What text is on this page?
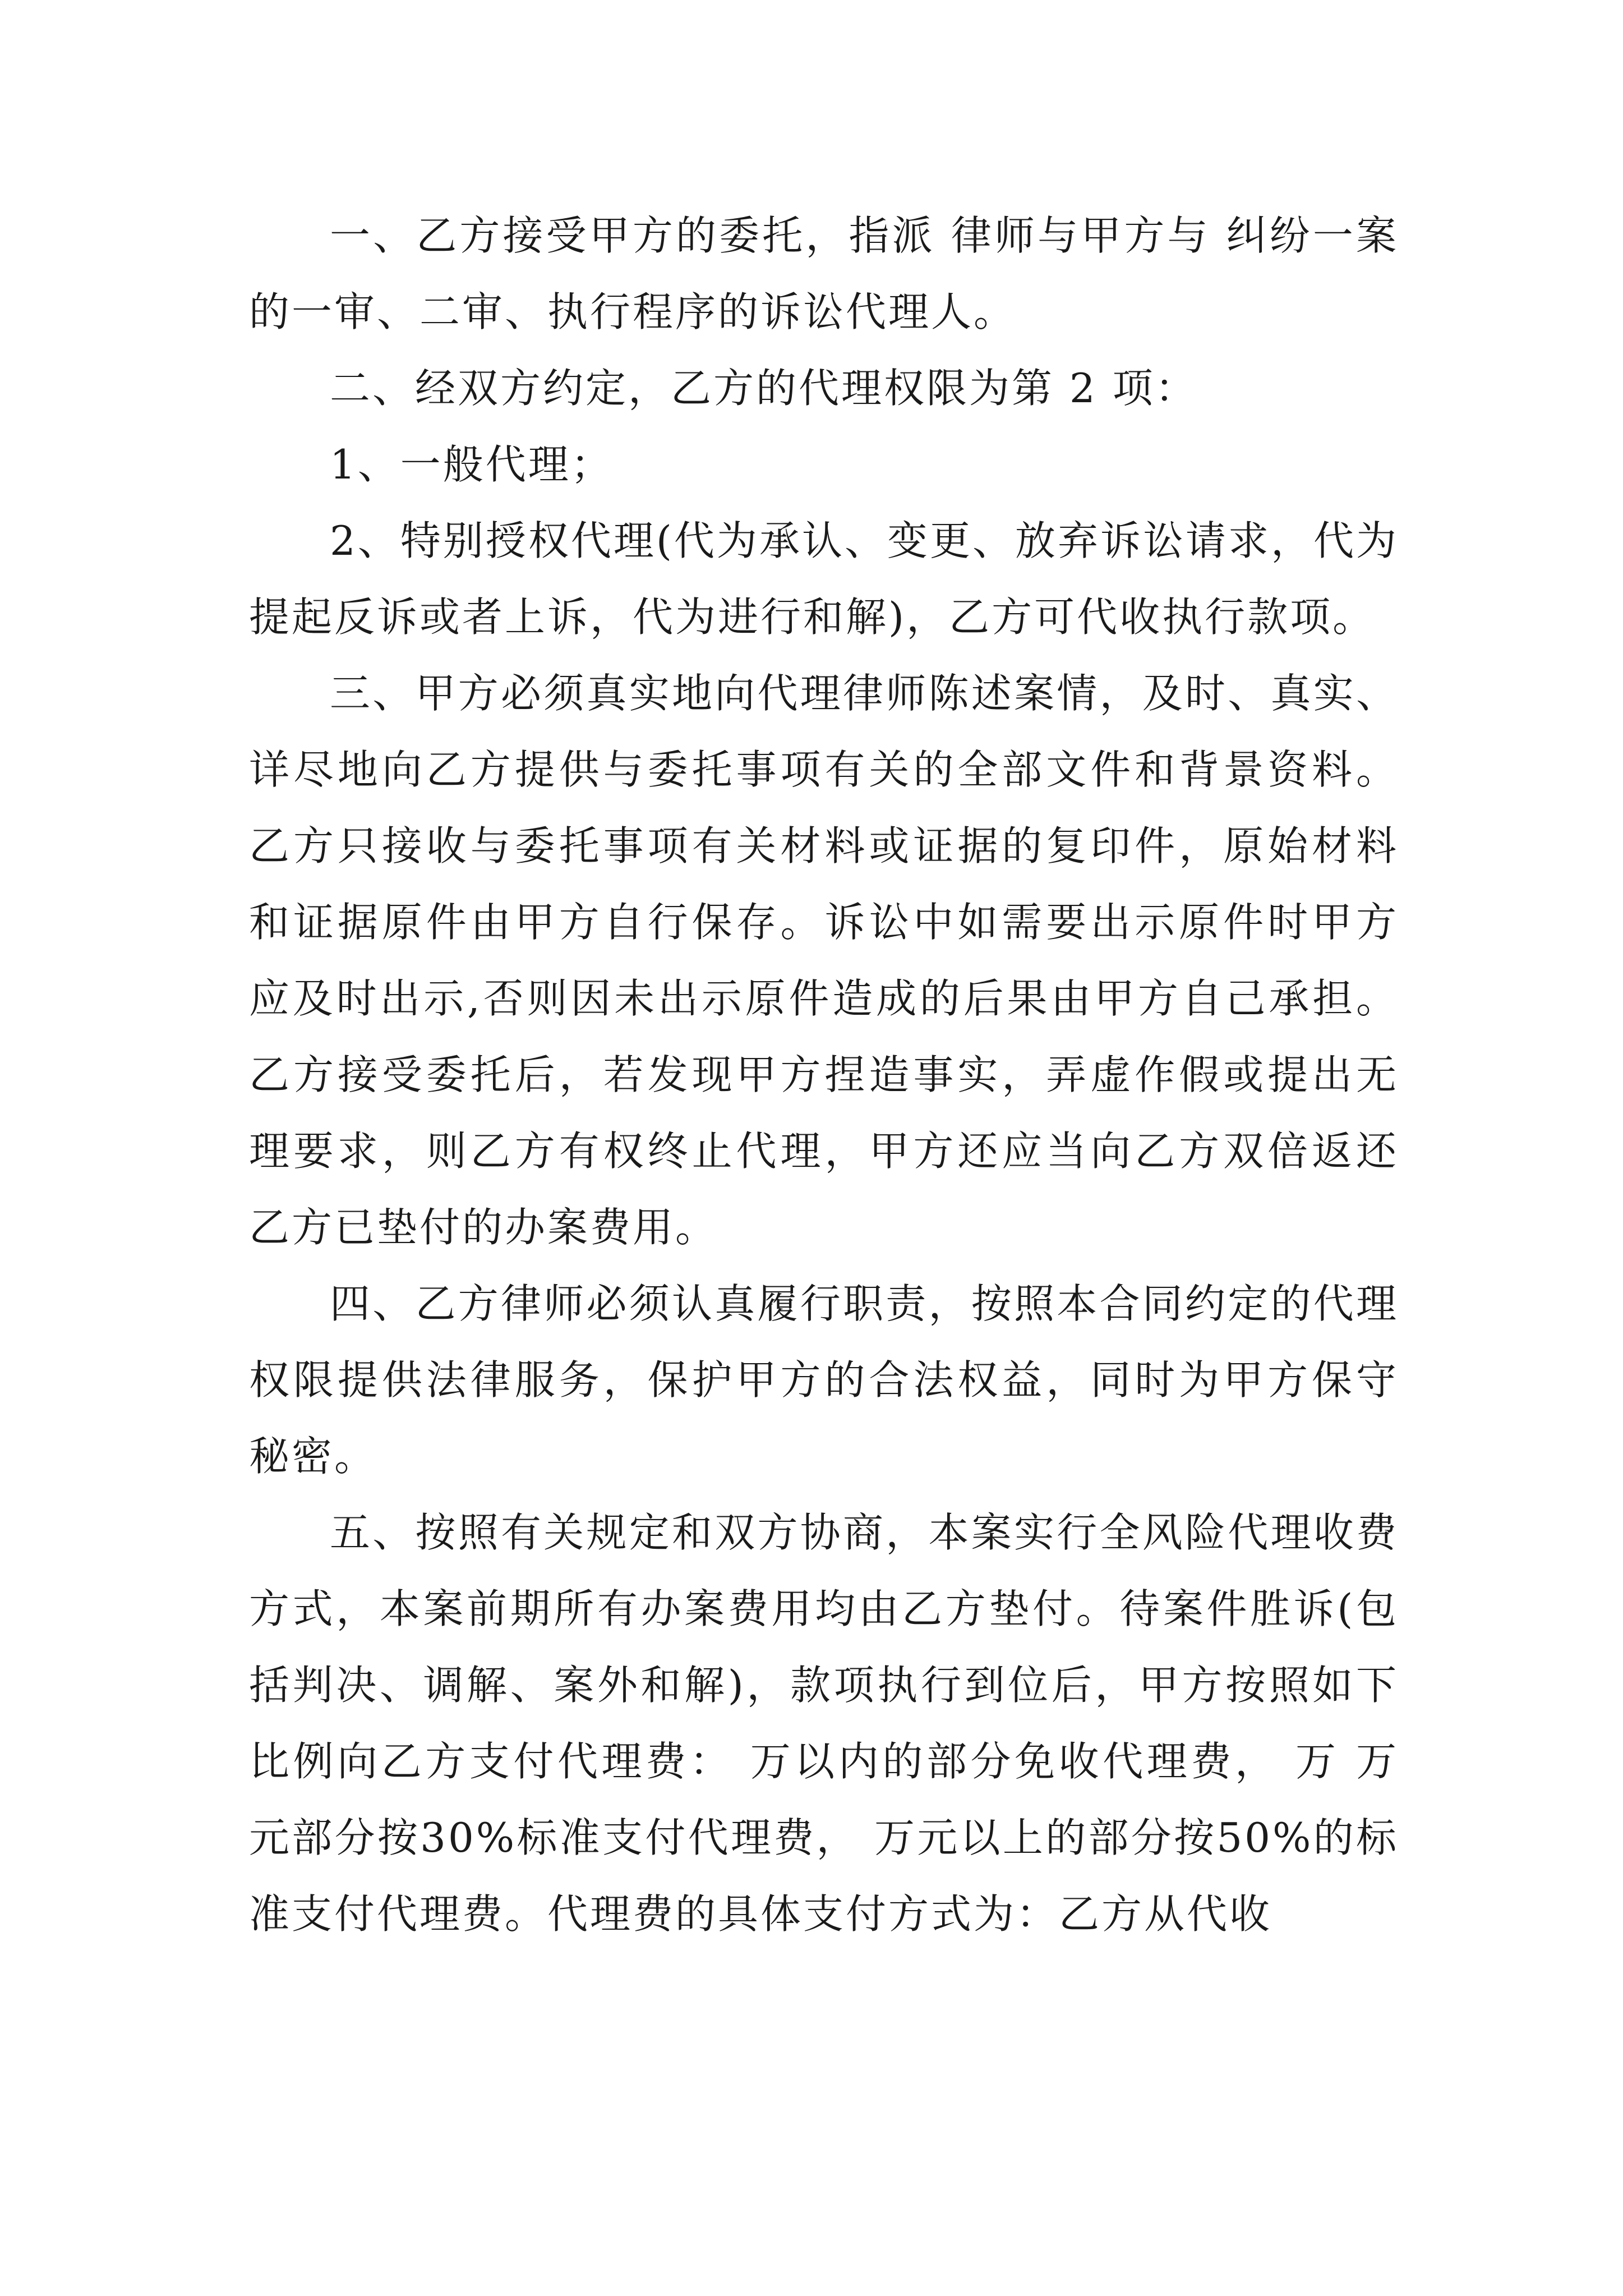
一、乙方接受甲方的委托，指派 律师与甲方与 纠纷一案的一审、二审、执行程序的诉讼代理人。

二、经双方约定，乙方的代理权限为第 2 项：

1、一般代理；

2、特别授权代理(代为承认、变更、放弃诉讼请求，代为提起反诉或者上诉，代为进行和解)，乙方可代收执行款项。

三、甲方必须真实地向代理律师陈述案情，及时、真实、详尽地向乙方提供与委托事项有关的全部文件和背景资料。乙方只接收与委托事项有关材料或证据的复印件，原始材料和证据原件由甲方自行保存。诉讼中如需要出示原件时甲方应及时出示,否则因未出示原件造成的后果由甲方自己承担。乙方接受委托后，若发现甲方捏造事实，弄虚作假或提出无理要求，则乙方有权终止代理，甲方还应当向乙方双倍返还乙方已垫付的办案费用。

四、乙方律师必须认真履行职责，按照本合同约定的代理权限提供法律服务，保护甲方的合法权益，同时为甲方保守秘密。

五、按照有关规定和双方协商，本案实行全风险代理收费方式，本案前期所有办案费用均由乙方垫付。待案件胜诉(包括判决、调解、案外和解)，款项执行到位后，甲方按照如下比例向乙方支付代理费： 万以内的部分免收代理费， 万 万元部分按30%标准支付代理费， 万元以上的部分按50%的标准支付代理费。代理费的具体支付方式为：乙方从代收
